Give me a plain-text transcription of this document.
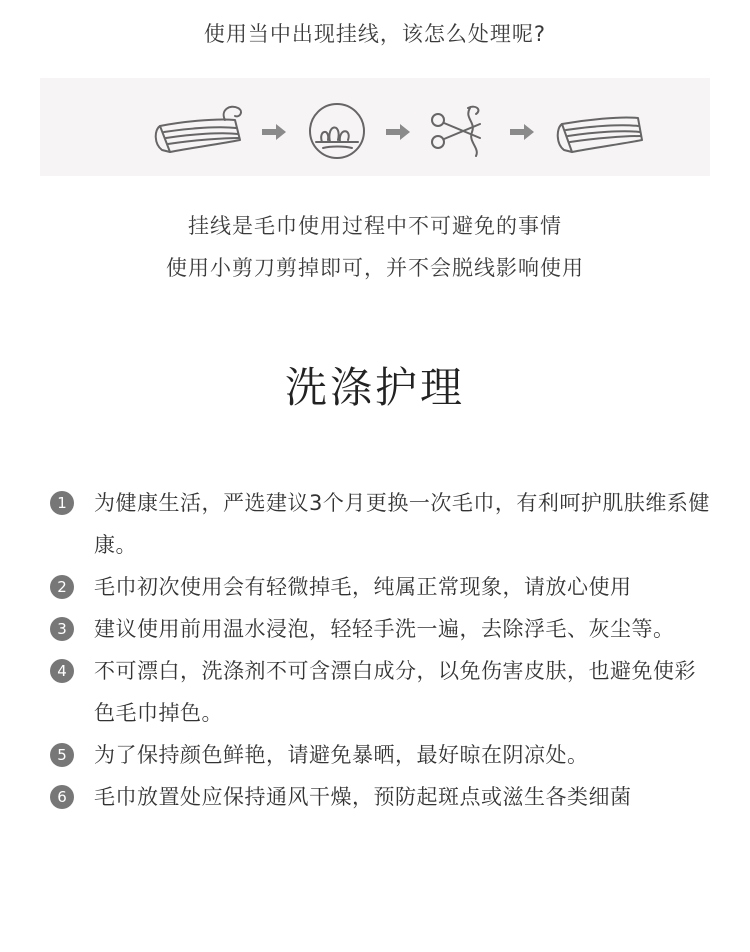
使用当中出现挂线，该怎么处理呢?
挂线是毛巾使用过程中不可避免的事情
使用小剪刀剪掉即可，并不会脱线影响使用
洗涤护理
1	为健康生活，严选建议3个月更换一次毛巾，有利呵护肌肤维系健康。
2	毛巾初次使用会有轻微掉毛，纯属正常现象，请放心使用
3	建议使用前用温水浸泡，轻轻手洗一遍，去除浮毛、灰尘等。
4	不可漂白，洗涤剂不可含漂白成分，以免伤害皮肤，也避免使彩色毛巾掉色。
5	为了保持颜色鲜艳，请避免暴晒，最好晾在阴凉处。
6	毛巾放置处应保持通风干燥，预防起斑点或滋生各类细菌
